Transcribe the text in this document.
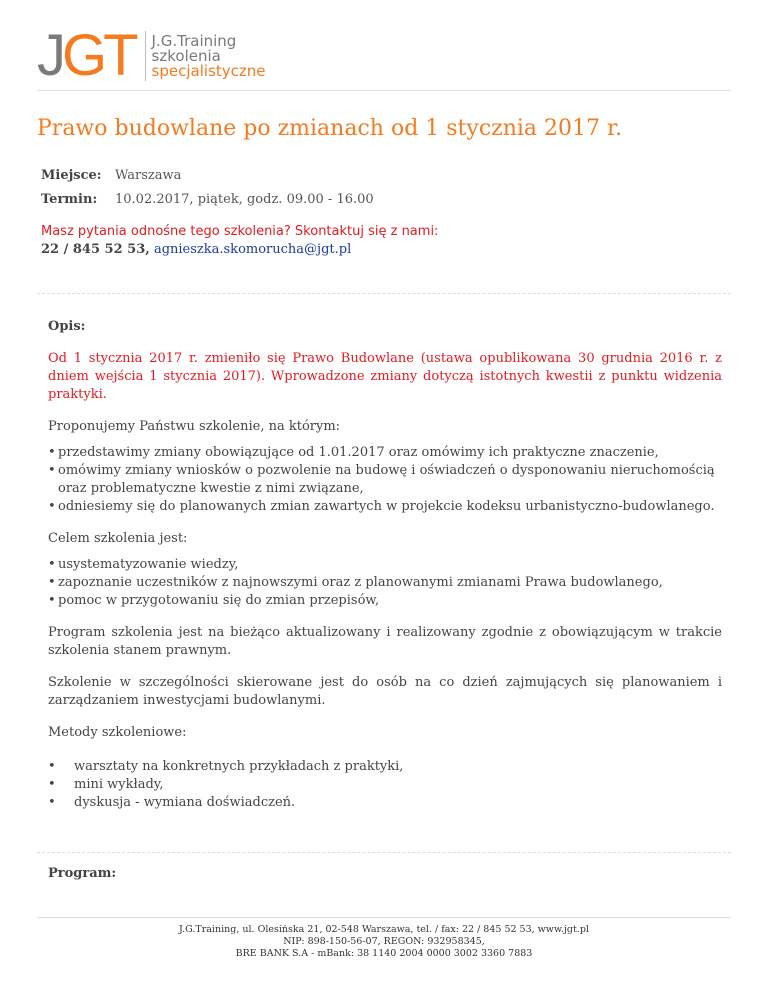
J GT J.G.Training
szkolenia
specjalistyczne
Prawo budowlane po zmianach od 1 stycznia 2017 r.
Miejsce:	Warszawa
Termin:	10.02.2017, piątek, godz. 09.00 - 16.00
Masz pytania odnośne tego szkolenia? Skontaktuj się z nami:
22 / 845 52 53, agnieszka.skomorucha@jgt.pl

Opis:

Od 1 stycznia 2017 r. zmieniło się Prawo Budowlane (ustawa opublikowana 30 grudnia 2016 r. z dniem wejścia 1 stycznia 2017). Wprowadzone zmiany dotyczą istotnych kwestii z punktu widzenia praktyki.

Proponujemy Państwu szkolenie, na którym:

• przedstawimy zmiany obowiązujące od 1.01.2017 oraz omówimy ich praktyczne znaczenie,
• omówimy zmiany wniosków o pozwolenie na budowę i oświadczeń o dysponowaniu nieruchomością oraz problematyczne kwestie z nimi związane,
• odniesiemy się do planowanych zmian zawartych w projekcie kodeksu urbanistyczno-budowlanego.

Celem szkolenia jest:

• usystematyzowanie wiedzy,
• zapoznanie uczestników z najnowszymi oraz z planowanymi zmianami Prawa budowlanego,
• pomoc w przygotowaniu się do zmian przepisów,

Program szkolenia jest na bieżąco aktualizowany i realizowany zgodnie z obowiązującym w trakcie szkolenia stanem prawnym.

Szkolenie w szczególności skierowane jest do osób na co dzień zajmujących się planowaniem i zarządzaniem inwestycjami budowlanymi.

Metody szkoleniowe:

• warsztaty na konkretnych przykładach z praktyki,
• mini wykłady,
• dyskusja - wymiana doświadczeń.
Program:
J.G.Training, ul. Olesińska 21, 02-548 Warszawa, tel. / fax: 22 / 845 52 53, www.jgt.pl
NIP: 898-150-56-07, REGON: 932958345,
BRE BANK S.A - mBank: 38 1140 2004 0000 3002 3360 7883
